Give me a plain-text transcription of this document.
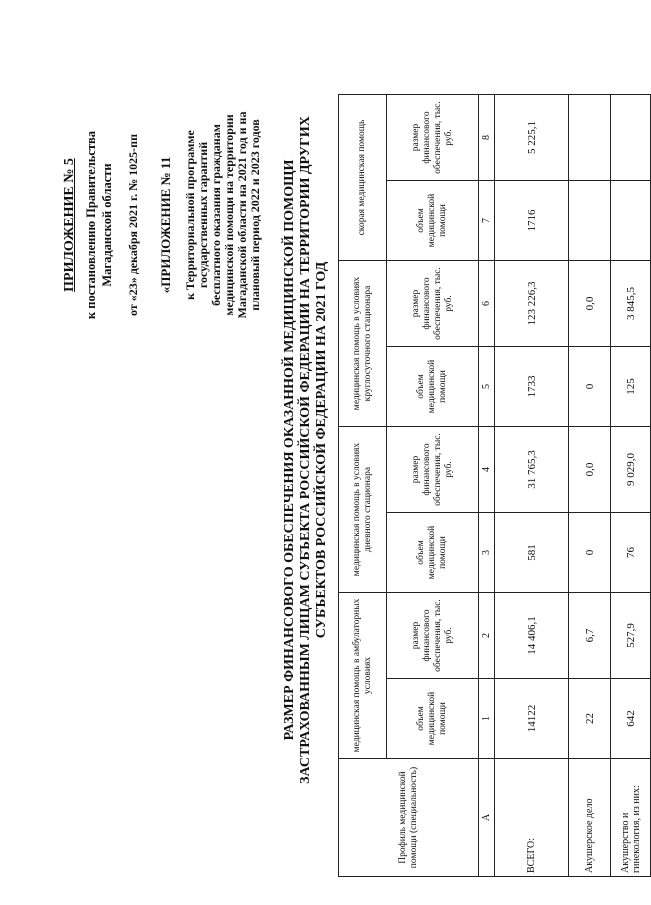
ПРИЛОЖЕНИЕ № 5 к постановлению Правительства Магаданской области от «23» декабря 2021 г. № 1025-пп «ПРИЛОЖЕНИЕ № 11 к Территориальной программе государственных гарантий бесплатного оказания гражданам медицинской помощи на территории Магаданской области на 2021 год и на плановый период 2022 и 2023 годов РАЗМЕР ФИНАНСОВОГО ОБЕСПЕЧЕНИЯ ОКАЗАННОЙ МЕДИЦИНСКОЙ ПОМОЩИ ЗАСТРАХОВАННЫМ ЛИЦАМ СУБЪЕКТА РОССИЙСКОЙ ФЕДЕРАЦИИ НА ТЕРРИТОРИИ ДРУГИХ СУБЪЕКТОВ РОССИЙСКОЙ ФЕДЕРАЦИИ НА 2021 ГОД
Профиль медицинской помощи (специальность)	медицинская помощь в амбулаторных условиях		медицинская помощь в условиях дневного стационара		медицинская помощь в условиях круглосуточного стационара		скорая медицинская помощь	
	объем медицинской помощи	размер финансового обеспечения, тыс. руб.	объем медицинской помощи	размер финансового обеспечения, тыс. руб.	объем медицинской помощи	размер финансового обеспечения, тыс. руб.	объем медицинской помощи	размер финансового обеспечения, тыс. руб.
А	1	2	3	4	5	6	7	8
ВСЕГО:	14122	14 406,1	581	31 765,3	1733	123 226,3	1716	5 225,1
Акушерское дело	22	6,7	0	0,0	0	0,0		
Акушерство и гинекология, из них:	642	527,9	76	9 029,0	125	3 845,5		
